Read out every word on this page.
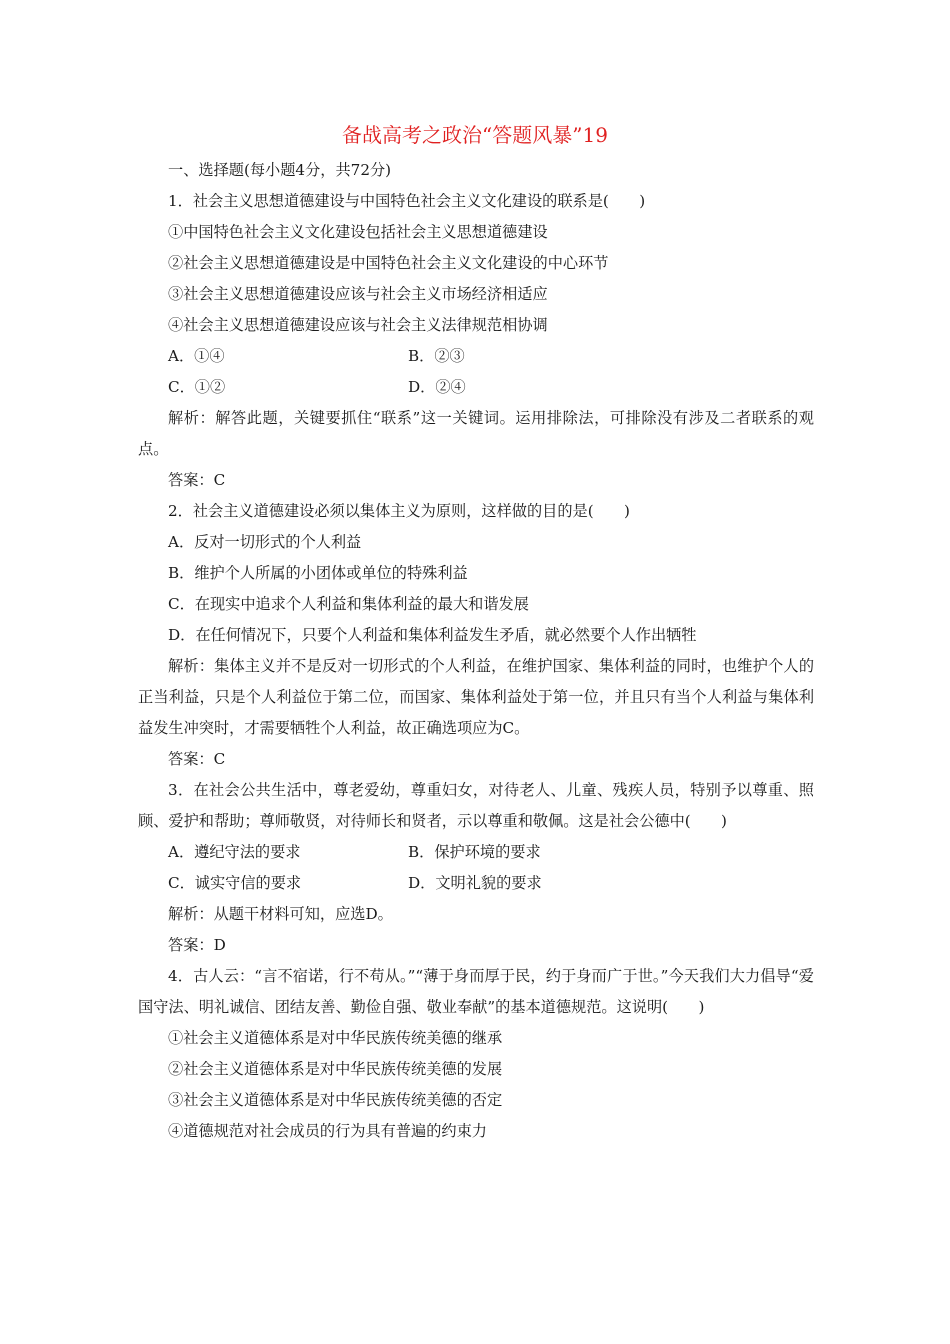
备战高考之政治“答题风暴”19
一、选择题(每小题4分，共72分)
1．社会主义思想道德建设与中国特色社会主义文化建设的联系是(　　)
①中国特色社会主义文化建设包括社会主义思想道德建设
②社会主义思想道德建设是中国特色社会主义文化建设的中心环节
③社会主义思想道德建设应该与社会主义市场经济相适应
④社会主义思想道德建设应该与社会主义法律规范相协调
A．①④	B．②③
C．①②	D．②④
解析：解答此题，关键要抓住“联系”这一关键词。运用排除法，可排除没有涉及二者联系的观点。
答案：C
2．社会主义道德建设必须以集体主义为原则，这样做的目的是(　　)
A．反对一切形式的个人利益
B．维护个人所属的小团体或单位的特殊利益
C．在现实中追求个人利益和集体利益的最大和谐发展
D．在任何情况下，只要个人利益和集体利益发生矛盾，就必然要个人作出牺牲
解析：集体主义并不是反对一切形式的个人利益，在维护国家、集体利益的同时，也维护个人的正当利益，只是个人利益位于第二位，而国家、集体利益处于第一位，并且只有当个人利益与集体利益发生冲突时，才需要牺牲个人利益，故正确选项应为C。
答案：C
3．在社会公共生活中，尊老爱幼，尊重妇女，对待老人、儿童、残疾人员，特别予以尊重、照顾、爱护和帮助；尊师敬贤，对待师长和贤者，示以尊重和敬佩。这是社会公德中(　　)
A．遵纪守法的要求	B．保护环境的要求
C．诚实守信的要求	D．文明礼貌的要求
解析：从题干材料可知，应选D。
答案：D
4．古人云：“言不宿诺，行不苟从。”“薄于身而厚于民，约于身而广于世。”今天我们大力倡导“爱国守法、明礼诚信、团结友善、勤俭自强、敬业奉献”的基本道德规范。这说明(　　)
①社会主义道德体系是对中华民族传统美德的继承
②社会主义道德体系是对中华民族传统美德的发展
③社会主义道德体系是对中华民族传统美德的否定
④道德规范对社会成员的行为具有普遍的约束力
